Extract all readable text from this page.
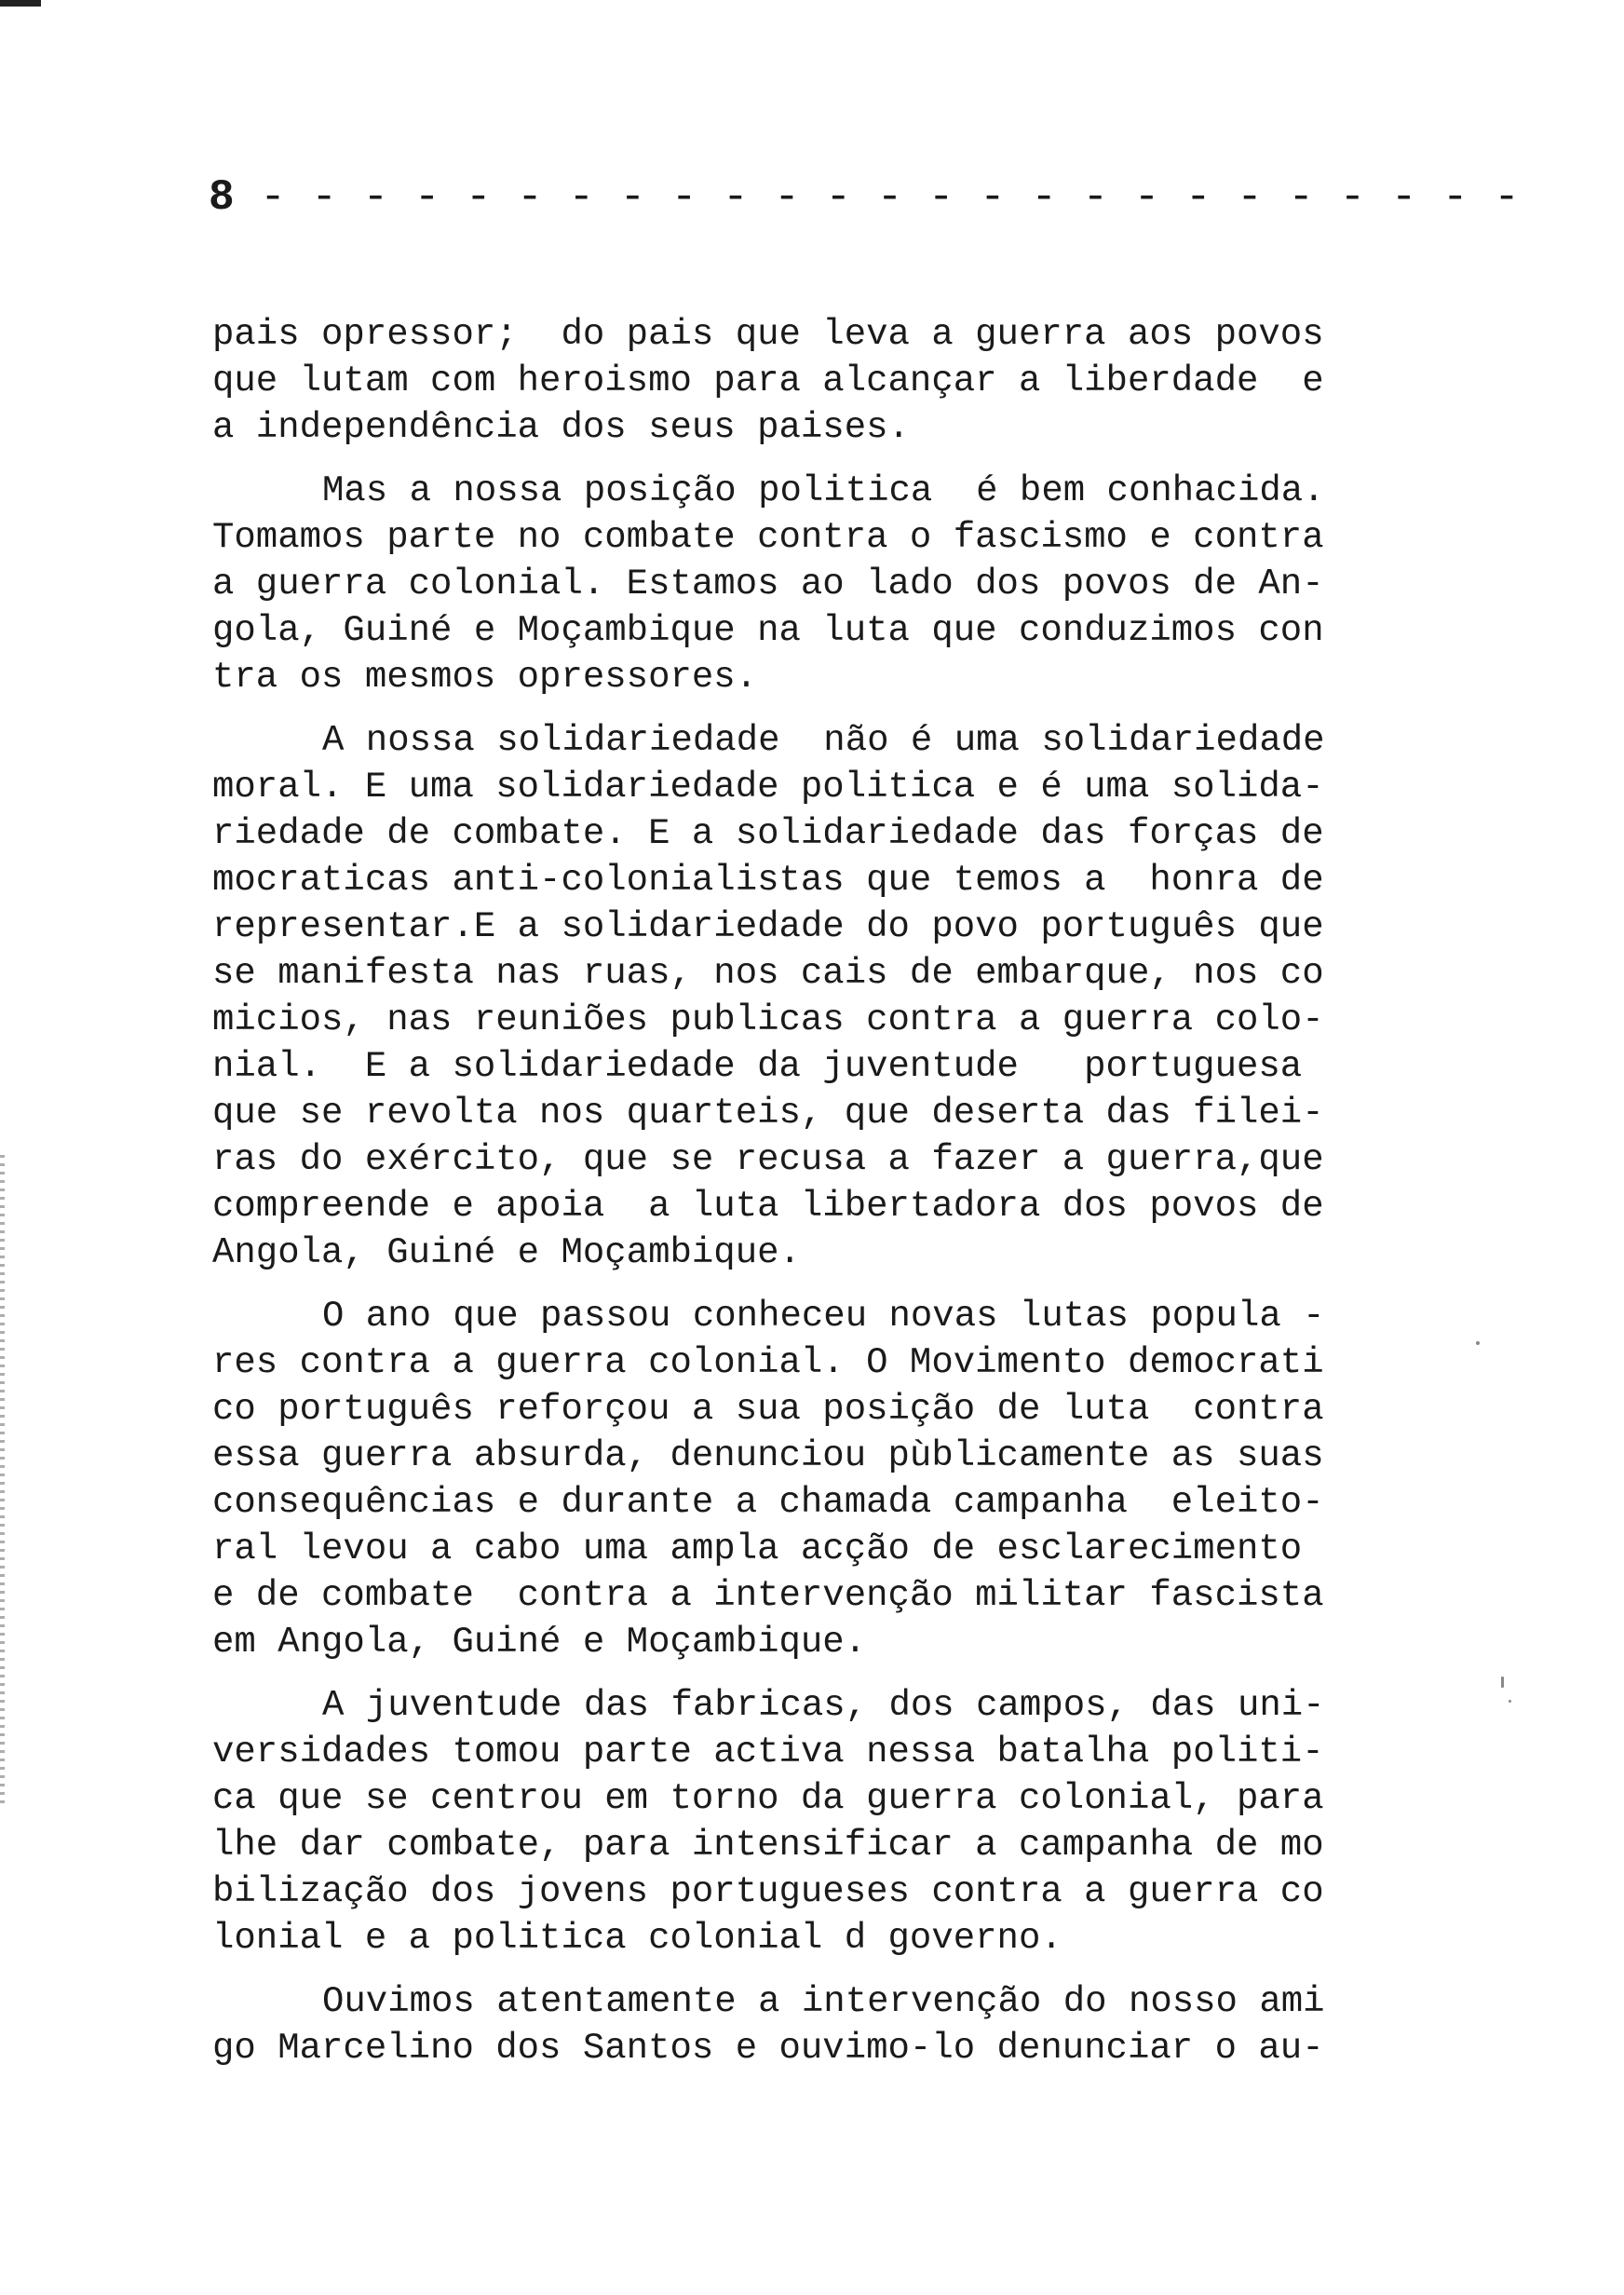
8 - - - - - - - - - - - - - - - - - - - - - - - - -
pais opressor;  do pais que leva a guerra aos povos
que lutam com heroismo para alcançar a liberdade  e
a independência dos seus paises.
Mas a nossa posição politica  é bem conhacida.
Tomamos parte no combate contra o fascismo e contra
a guerra colonial. Estamos ao lado dos povos de An-
gola, Guiné e Moçambique na luta que conduzimos con
tra os mesmos opressores.
A nossa solidariedade  não é uma solidariedade
moral. E uma solidariedade politica e é uma solida-
riedade de combate. E a solidariedade das forças de
mocraticas anti-colonialistas que temos a  honra de
representar.E a solidariedade do povo português que
se manifesta nas ruas, nos cais de embarque, nos co
micios, nas reuniões publicas contra a guerra colo-
nial.  E a solidariedade da juventude   portuguesa
que se revolta nos quarteis, que deserta das filei-
ras do exército, que se recusa a fazer a guerra,que
compreende e apoia  a luta libertadora dos povos de
Angola, Guiné e Moçambique.
O ano que passou conheceu novas lutas popula -
res contra a guerra colonial. O Movimento democrati
co português reforçou a sua posição de luta  contra
essa guerra absurda, denunciou pùblicamente as suas
consequências e durante a chamada campanha  eleito-
ral levou a cabo uma ampla acção de esclarecimento
e de combate  contra a intervenção militar fascista
em Angola, Guiné e Moçambique.
A juventude das fabricas, dos campos, das uni-
versidades tomou parte activa nessa batalha politi-
ca que se centrou em torno da guerra colonial, para
lhe dar combate, para intensificar a campanha de mo
bilização dos jovens portugueses contra a guerra co
lonial e a politica colonial d governo.
Ouvimos atentamente a intervenção do nosso ami
go Marcelino dos Santos e ouvimo-lo denunciar o au-
